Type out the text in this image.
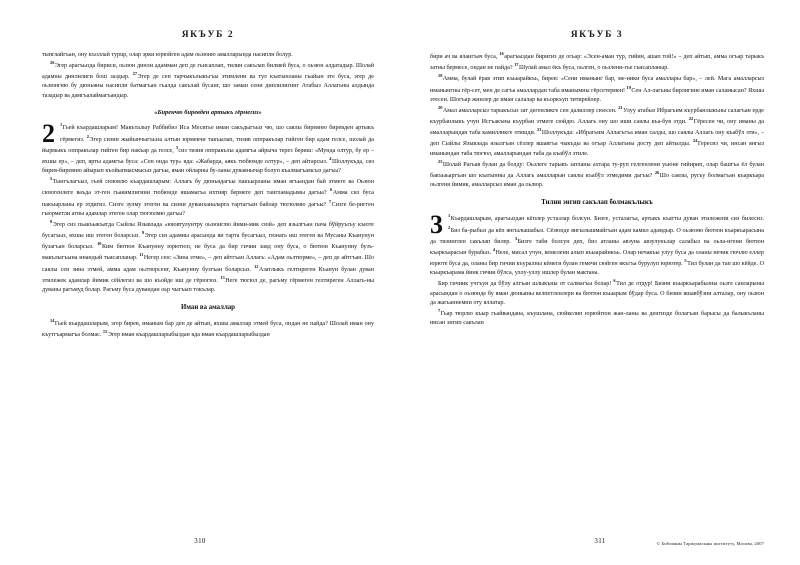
ЯКЪУБ 2

тынглайгъан, ону къоллай турup, олар эрки юрюйген адам оьзюню амалларында насиплн болур.

$^{26}$Эгер арагъызда бириси, оьзюн динли адамман деп де гьисаплап, тилин сакълап билмей буса, о оьзюн алдатадыр. Шолай адамны динлилиги бош заздыр. $^{27}$Эгер де сен тарчыкълыкъгъы этимлени ва тул къатынланы гьайын эте буса, эгер де оьзюнгню бу дюньяны насиплн батмагъан гьалда сакълай бусанг, шо заман сени динлилигинг Атабыз Аллагьны алдында тазадыр ва дамгъалаймагъандыр.

«Биренчю биревден артыкъ гёрмегиз»
2	$^1$Гьей къардашларым! Макъталыу Раббибиз Иса Месигье иман сакъдыгъыз чю, шо саялы биревню биревден артыкъ гёрмегиз. $^2$Эгер сизин жыйынчыгъыза алтын юрмекчи такъылап, тизив оппракълар гийген бир адам гелсе, шолай да йырмыкъ оппракълар гийген бир пакъар да гелсе, $^3$сиз тизив оппракълы адамгъа айрыча терез бериш: «Мунда олтур, бу ер – яхшы ер», – деп, ярты адамгъа буса: «Сен онда тур» яда: «Жабарда, аякъ тюбюмде олтур», – деп айтарсыз. $^4$Шоллукъда, сиз бирев-биревню айырып къойыпмасмысыз дагъы, яман ойларны бу-ланы дуваянычар болуп къалмагъамсыз дагъы?

$^5$Тынгълагъыз, гьей сюювлю къардашларым: Аллагь бу дюньядагъы пакъырланы иман ягъындан бай этмеге ва Оьзюн сююгенлеге ваъда эт-ген гьакимлигини тюбюнде яшамагъа ихтияр бермеге деп тангламадымы дагъы? $^6$Амма сиз буса пакъырланы ер этдигиз. Сизге зулму этеген ва сизни дуванханаларга тартагъан байлар тюгюлмю дагъы? $^7$Сизге бе-ригген гьюрметли атны адамлар этеген олар тюгюлмю дагъы?

$^8$Эгер сиз пьакъыкъатда Сыйлы Язывлада «юювтулунтру оьзюнглю йими-мик сюй» деп язылгъан пача бўйруъгьу къюте бусагъыз, яхшы иш этеген боларсыз. $^9$Эгер сиз адамны арасында яи тарта бусагъыз, гюнагь иш этеген ва Мусаны Къанунун бузагъан боларсыз. $^{10}$Ким бютюн Къанунну юрютюп, не буса да бир гичии заяд ону буса, о бютюн Къанунну бузъ-макълыгъына инандый тьисапланар. $^{11}$Негер сен: «Зина этме», – деп айтгъан Аллагь: «Адам оьлтюрме», – деп де айтгъан. Шо саялы сен зина этмей, амма адам оьлтюрсенг, Къанунну бузгъан боларсыз. $^{12}$Азатлыкъ гелтиреген Къанун булан дуван этилежек адамлар йимик сёйлегиз ва шо къойде иш де гёрюгюз. $^{13}$Неге тюгюл де, рагьму гёрмеген гелтиреген Аллагь-ны дуваны рагъмуд болар. Рагьму буса дувандан оьр чыгъып токълар.

Иман ва амаллар

$^{14}$Гьей къардашларым, эгер бирев, иманым бар деп де айтып, яхшы амаллар этмей буса, ондан не пайда? Шолай иман ону къутгъармагъа болмас. $^{15}$Эгер иман къардашларыбыздан яда иман къардашларыбыздан

310
ЯКЪУБ 3

бири ач ва ялангъач буса, $^{16}$арагъыздан биригиз де огьар: «Эсен-аман тур, гийин, ашап той!» – деп айтып, амма огъар тарыкъ затны бермесе, ондан не пайда? $^{17}$Шулай амал ёкъ буса, оьлген, о оьзлени-гье гьисапланыр.

$^{18}$Амма, булай ёрав этип къыарайкъь, бирев: «Сени иманынг бар, ме-ники буса амаллары бар», – лей. Мага амалларсыз иманынгны гёр-сет, мен де сагъа амаллардан таба иманымны гёрсетермен! $^{19}$Сен Ал-лагьны бирлигине иман саламысан? Яхшы этесен. Шогъар жинлер де иман салалар ва къоркъуп титирейлер.

$^{20}$Амал амалларсыз тарыкъсыз зат дегенликге сен далиллер сюесен. $^{21}$Улуу атабыз Ибрагьим къурбанлыкъны салагъан ерде къурбанлыкъ учун Исгъакъны къурбан этмеге сюйдю. Аллагь ону шо иши саялы къа-був этди. $^{22}$Гёресен чи, ону иманы да амалларындан таба камиллнкге этишди. $^{23}$Шоллукъда: «Ибрагьим Аллагьгъа иман салды, шо саялы Аллагь ону къабўл эти», – деп Сыйлы Язывлада язылгъан сёзлер яшавгъа чыкъды ва огъар Аллагьны досту деп айтылды. $^{24}$Гересиз чи, инсан янгыз иманындан таба тюгюл, амалларындан таба да къабўл этиле.

$^{25}$Шолай Рагьав булан да болду: Оьзлеге тарыкъ затланы ахтара ту-руп гелгенлени уьюне гийирип, олар башгъа ёл булан бакъыьаргъан шо къатынны да Аллагь амалларын саялы къабўл этмедими дагъы? $^{26}$Шо саялы, ругьу болмагъан къаркъара оьлгенн йимик, амалларсыз иман да оьлюр.

Тилни энгип сакълап болмакълыкъ
3	$^1$Къардашларым, арагъыздан кёплер устазлар болсун. Бизге, усталагъа, артыкъ къатты дуван этилежени сиз билесиз. $^2$Биз ба-рыбыз да кёп янгылышабыз. Сёзюнде янгылышмайгъан адам камил адамдыр. О оьзюню бютюн къаркъарасына да тизинглен сакълап билер. $^3$Бизге таби болсун деп, биз атланы авзуна авзулукълар салабыз ва оьла-нгени бютюн къаркъарасын бурабыз. $^4$Неле, мисал учун, кемелени алып къыарайнкъь. Олар нечакъы улуу буса да оланы нечик гючлю еллер юрюте буса да, оланы бир гичии къуралны кёмеги булан гемечи сюйген якъгъа бурулуп юрютер. $^5$Тил булан да тап шо кёйде. О къыркъарама йинк гичии бўлса, уллу-уллу ишлер булан мактана.

Бир гичиик учгъун да бўлу алгъан шлыкъны от салмагъы болар! $^6$Тил де отдур! Бизни къыркъарабызны оьзге санларыны арасындан о оьзюнде бу яман дюньяны келпетленлери ва бютюн къыарым бўдар буса. О бизин яшавбўзни алталар, ону оьзюн да жагьаннемни оту яллатар.

$^7$Гьар тюрлю къыр гьайвандана, къушлана, сюйкелип юрюйгюн жан-ланы ва денгизде болагъан барысы да балыкъланы инсан энгип сакълап

311	© Библияны Таржумасыны институту, Москва, 2007
